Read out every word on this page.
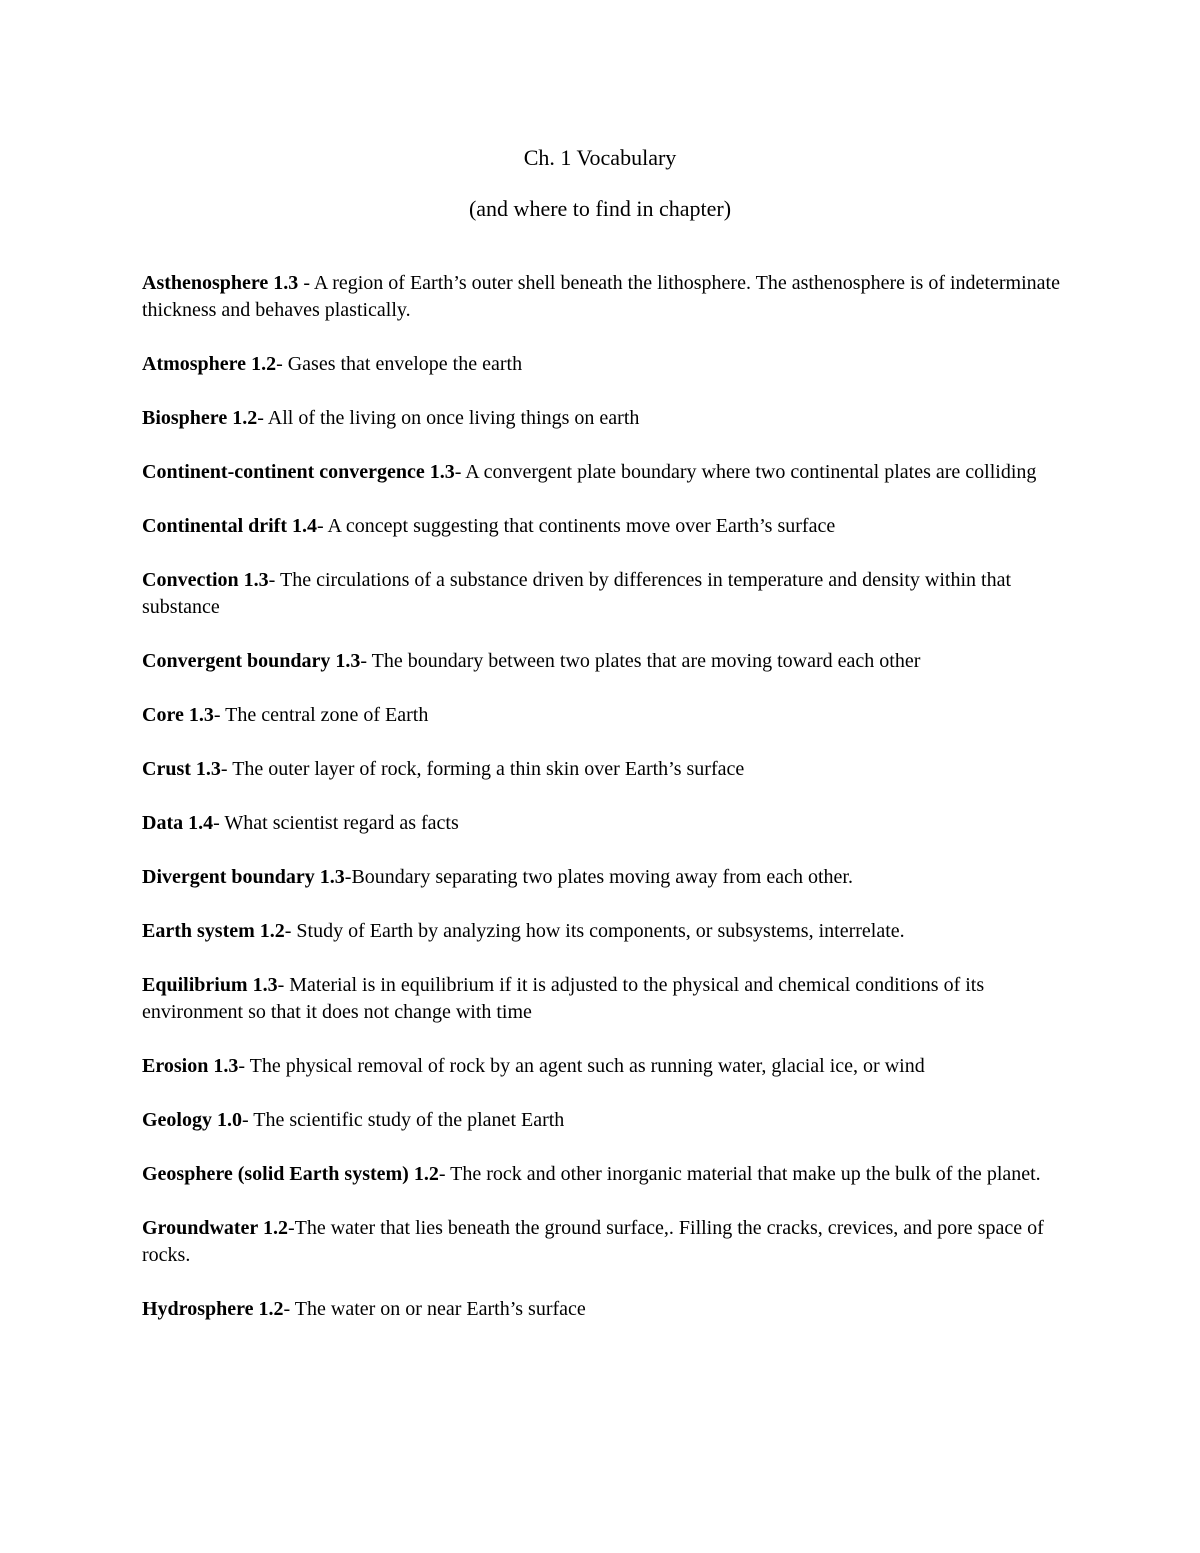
Ch. 1 Vocabulary
(and where to find in chapter)
Asthenosphere 1.3 - A region of Earth’s outer shell beneath the lithosphere. The asthenosphere is of indeterminate thickness and behaves plastically.
Atmosphere 1.2- Gases that envelope the earth
Biosphere 1.2- All of the living on once living things on earth
Continent-continent convergence 1.3- A convergent plate boundary where two continental plates are colliding
Continental drift 1.4- A concept suggesting that continents move over Earth’s surface
Convection 1.3- The circulations of a substance driven by differences in temperature and density within that substance
Convergent boundary 1.3- The boundary between two plates that are moving toward each other
Core 1.3- The central zone of Earth
Crust 1.3- The outer layer of rock, forming a thin skin over Earth’s surface
Data 1.4- What scientist regard as facts
Divergent boundary 1.3-Boundary separating two plates moving away from each other.
Earth system 1.2- Study of Earth by analyzing how its components, or subsystems, interrelate.
Equilibrium 1.3- Material is in equilibrium if it is adjusted to the physical and chemical conditions of its environment so that it does not change with time
Erosion 1.3- The physical removal of rock by an agent such as running water, glacial ice, or wind
Geology 1.0- The scientific study of the planet Earth
Geosphere (solid Earth system) 1.2- The rock and other inorganic material that make up the bulk of the planet.
Groundwater 1.2-The water that lies beneath the ground surface,. Filling the cracks, crevices, and pore space of rocks.
Hydrosphere 1.2- The water on or near Earth’s surface
